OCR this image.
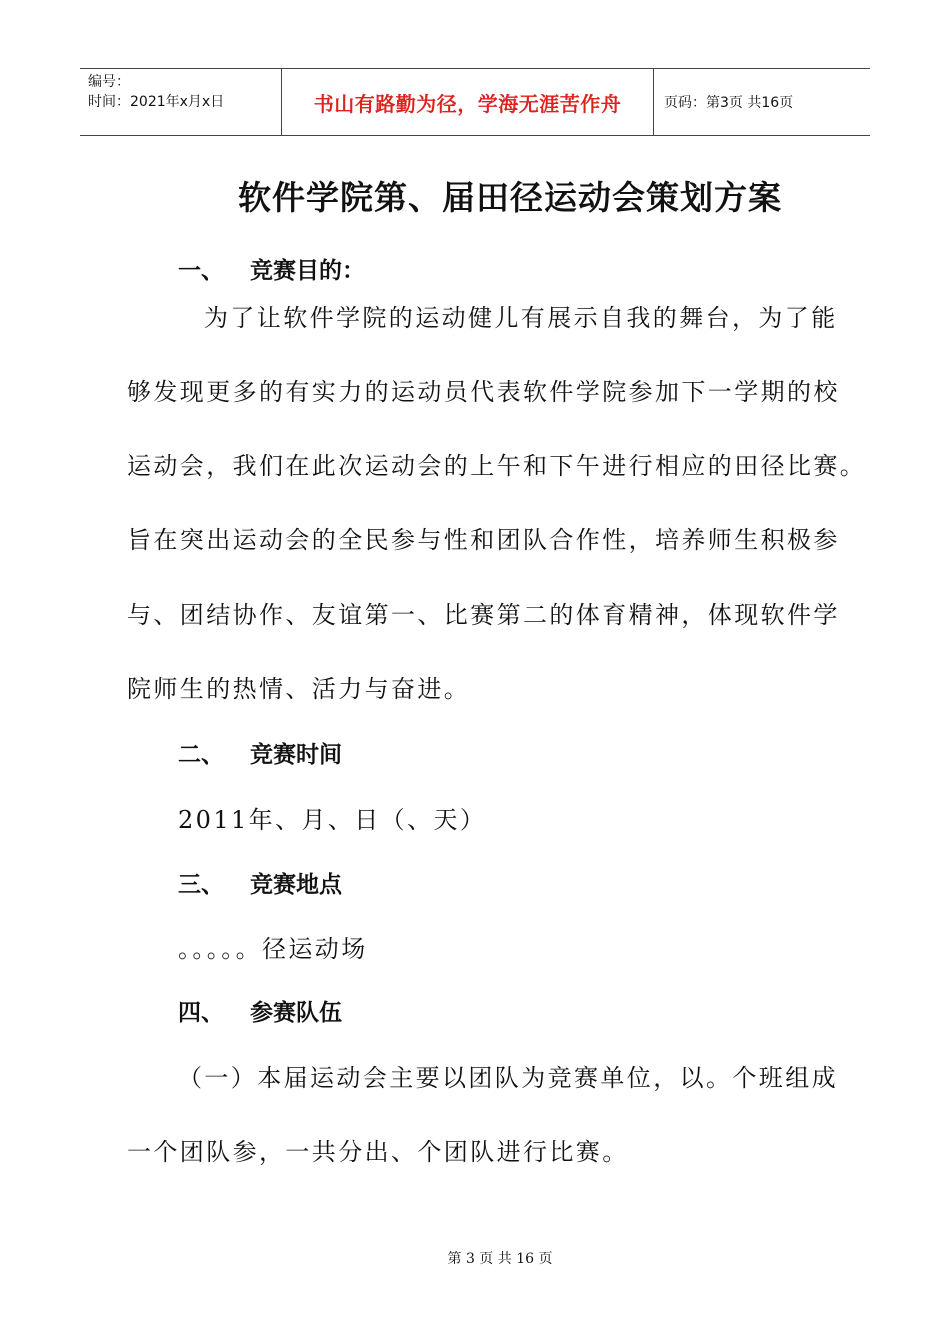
编号：
时间：2021年x月x日	书山有路勤为径，学海无涯苦作舟	页码：第3页 共16页
软件学院第、届田径运动会策划方案
一、	竞赛目的：
为了让软件学院的运动健儿有展示自我的舞台，为了能
够发现更多的有实力的运动员代表软件学院参加下一学期的校
运动会，我们在此次运动会的上午和下午进行相应的田径比赛。
旨在突出运动会的全民参与性和团队合作性，培养师生积极参
与、团结协作、友谊第一、比赛第二的体育精神，体现软件学
院师生的热情、活力与奋进。
二、	竞赛时间
2011年、月、日（、天）
三、	竞赛地点
。。。。。径运动场
四、	参赛队伍
（一）本届运动会主要以团队为竞赛单位，以。个班组成
一个团队参，一共分出、个团队进行比赛。
第 3 页 共 16 页
